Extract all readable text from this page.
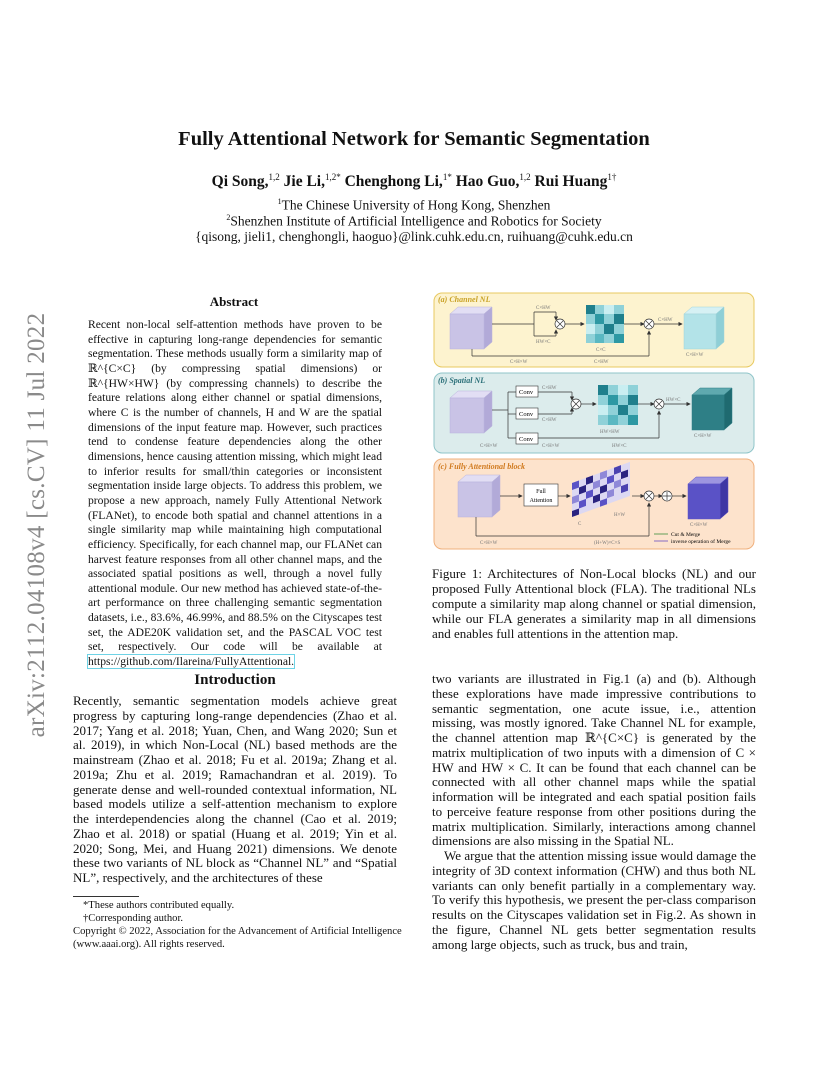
arXiv:2112.04108v4 [cs.CV] 11 Jul 2022
Fully Attentional Network for Semantic Segmentation
Qi Song,$^{1,2}$ Jie Li,$^{1,2*}$ Chenghong Li,$^{1*}$ Hao Guo,$^{1,2}$ Rui Huang$^{1\dagger}$
$^1$The Chinese University of Hong Kong, Shenzhen
$^2$Shenzhen Institute of Artificial Intelligence and Robotics for Society
{qisong, jieli1, chenghongli, haoguo}@link.cuhk.edu.cn, ruihuang@cuhk.edu.cn
Abstract
Recent non-local self-attention methods have proven to be effective in capturing long-range dependencies for semantic segmentation. These methods usually form a similarity map of ℝ^{C×C} (by compressing spatial dimensions) or ℝ^{HW×HW} (by compressing channels) to describe the feature relations along either channel or spatial dimensions, where C is the number of channels, H and W are the spatial dimensions of the input feature map. However, such practices tend to condense feature dependencies along the other dimensions, hence causing attention missing, which might lead to inferior results for small/thin categories or inconsistent segmentation inside large objects. To address this problem, we propose a new approach, namely Fully Attentional Network (FLANet), to encode both spatial and channel attentions in a single similarity map while maintaining high computational efficiency. Specifically, for each channel map, our FLANet can harvest feature responses from all other channel maps, and the associated spatial positions as well, through a novel fully attentional module. Our new method has achieved state-of-the-art performance on three challenging semantic segmentation datasets, i.e., 83.6%, 46.99%, and 88.5% on the Cityscapes test set, the ADE20K validation set, and the PASCAL VOC test set, respectively. Our code will be available at https://github.com/Ilareina/FullyAttentional.
Introduction
Recently, semantic segmentation models achieve great progress by capturing long-range dependencies (Zhao et al. 2017; Yang et al. 2018; Yuan, Chen, and Wang 2020; Sun et al. 2019), in which Non-Local (NL) based methods are the mainstream (Zhao et al. 2018; Fu et al. 2019a; Zhang et al. 2019a; Zhu et al. 2019; Ramachandran et al. 2019). To generate dense and well-rounded contextual information, NL based models utilize a self-attention mechanism to explore the interdependencies along the channel (Cao et al. 2019; Zhao et al. 2018) or spatial (Huang et al. 2019; Yin et al. 2020; Song, Mei, and Huang 2021) dimensions. We denote these two variants of NL block as “Channel NL” and “Spatial NL”, respectively, and the architectures of these
two variants are illustrated in Fig.1 (a) and (b). Although these explorations have made impressive contributions to semantic segmentation, one acute issue, i.e., attention missing, was mostly ignored. Take Channel NL for example, the channel attention map ℝ^{C×C} is generated by the matrix multiplication of two inputs with a dimension of C × HW and HW × C. It can be found that each channel can be connected with all other channel maps while the spatial information will be integrated and each spatial position fails to perceive feature response from other positions during the matrix multiplication. Similarly, interactions among channel dimensions are also missing in the Spatial NL.
We argue that the attention missing issue would damage the integrity of 3D context information (CHW) and thus both NL variants can only benefit partially in a complementary way. To verify this hypothesis, we present the per-class comparison results on the Cityscapes validation set in Fig.2. As shown in the figure, Channel NL gets better segmentation results among large objects, such as truck, bus and train,
*These authors contributed equally.
†Corresponding author.
Copyright © 2022, Association for the Advancement of Artificial Intelligence (www.aaai.org). All rights reserved.
(a) Channel NL
C×HW
HW×C
C×C
C×HW
C×H×W	C×HW
C×H×W
(b) Spatial NL
Conv
Conv
Conv
C×HW
C×HW
HW×HW
HW×C
C×H×W	HW×C
C×H×W
C×H×W
(c) Fully Attentional block
Full
Attention
C
H×W
C×H×W
C×H×W	(H+W)×C×S
Cut & Merge
inverse operation of Merge
Figure 1: Architectures of Non-Local blocks (NL) and our proposed Fully Attentional block (FLA). The traditional NLs compute a similarity map along channel or spatial dimension, while our FLA generates a similarity map in all dimensions and enables full attentions in the attention map.
